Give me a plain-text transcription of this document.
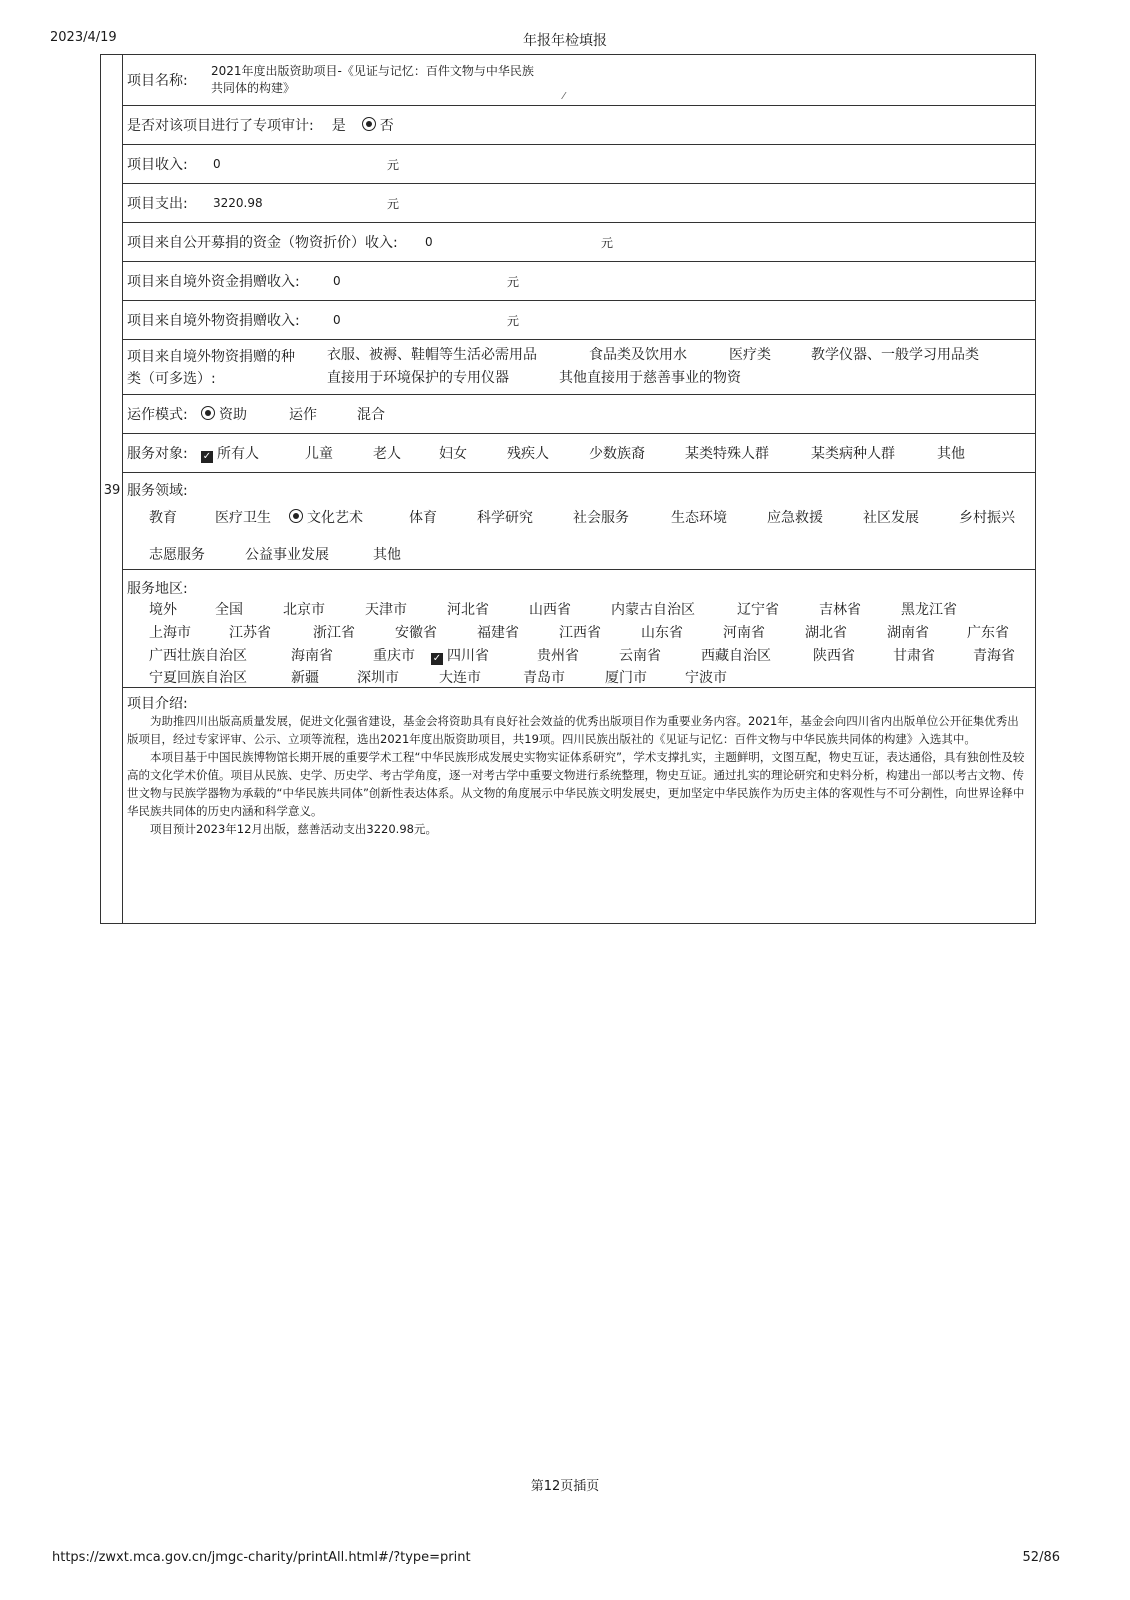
2023/4/19	年报年检填报
39
项目名称:
2021年度出版资助项目-《见证与记忆：百件文物与中华民族
共同体的构建》
⁄
是否对该项目进行了专项审计: 是	否
项目收入:	0	元
项目支出:	3220.98	元
项目来自公开募捐的资金（物资折价）收入:	0	元
项目来自境外资金捐赠收入:	0	元
项目来自境外物资捐赠收入:	0	元
项目来自境外物资捐赠的种
类（可多选）:
衣服、被褥、鞋帽等生活必需用品	食品类及饮用水	医疗类	教学仪器、一般学习用品类
直接用于环境保护的专用仪器	其他直接用于慈善事业的物资
运作模式:	资助	运作	混合
服务对象: ✓ 所有人	儿童	老人	妇女	残疾人	少数族裔	某类特殊人群	某类病种人群	其他
服务领域:
教育	医疗卫生	文化艺术	体育	科学研究	社会服务	生态环境	应急救援	社区发展	乡村振兴
志愿服务	公益事业发展	其他
服务地区:
境外	全国	北京市	天津市	河北省	山西省	内蒙古自治区	辽宁省	吉林省	黑龙江省
上海市	江苏省	浙江省	安徽省	福建省	江西省	山东省	河南省	湖北省	湖南省	广东省
广西壮族自治区	海南省	重庆市 ✓ 四川省	贵州省	云南省	西藏自治区	陕西省	甘肃省	青海省
宁夏回族自治区	新疆	深圳市	大连市	青岛市	厦门市	宁波市
项目介绍:

为助推四川出版高质量发展，促进文化强省建设，基金会将资助具有良好社会效益的优秀出版项目作为重要业务内容。2021年，基金会向四川省内出版单位公开征集优秀出版项目，经过专家评审、公示、立项等流程，选出2021年度出版资助项目，共19项。四川民族出版社的《见证与记忆：百件文物与中华民族共同体的构建》入选其中。

本项目基于中国民族博物馆长期开展的重要学术工程“中华民族形成发展史实物实证体系研究”，学术支撑扎实，主题鲜明，文图互配，物史互证，表达通俗，具有独创性及较高的文化学术价值。项目从民族、史学、历史学、考古学角度，逐一对考古学中重要文物进行系统整理，物史互证。通过扎实的理论研究和史料分析，构建出一部以考古文物、传世文物与民族学器物为承载的“中华民族共同体”创新性表达体系。从文物的角度展示中华民族文明发展史，更加坚定中华民族作为历史主体的客观性与不可分割性，向世界诠释中华民族共同体的历史内涵和科学意义。

项目预计2023年12月出版，慈善活动支出3220.98元。

第12页插页
https://zwxt.mca.gov.cn/jmgc-charity/printAll.html#/?type=print	52/86
